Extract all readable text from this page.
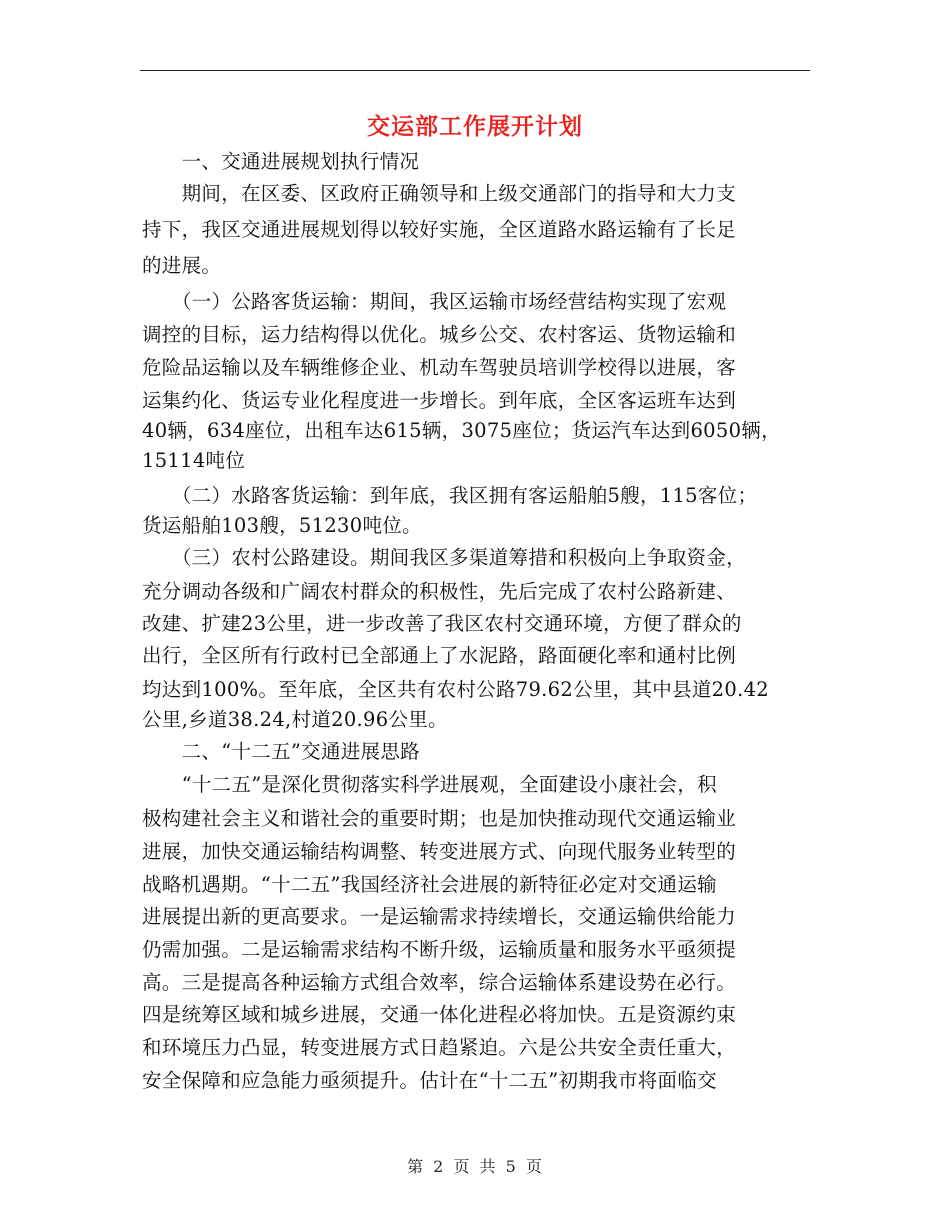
交运部工作展开计划
　　一、交通进展规划执行情况
　　期间，在区委、区政府正确领导和上级交通部门的指导和大力支
持下，我区交通进展规划得以较好实施，全区道路水路运输有了长足
的进展。
　　（一）公路客货运输：期间，我区运输市场经营结构实现了宏观
调控的目标，运力结构得以优化。城乡公交、农村客运、货物运输和
危险品运输以及车辆维修企业、机动车驾驶员培训学校得以进展，客
运集约化、货运专业化程度进一步增长。到年底，全区客运班车达到
40辆，634座位，出租车达615辆，3075座位；货运汽车达到6050辆，
15114吨位
　　（二）水路客货运输：到年底，我区拥有客运船舶5艘，115客位；
货运船舶103艘，51230吨位。
　　（三）农村公路建设。期间我区多渠道筹措和积极向上争取资金，
充分调动各级和广阔农村群众的积极性，先后完成了农村公路新建、
改建、扩建23公里，进一步改善了我区农村交通环境，方便了群众的
出行，全区所有行政村已全部通上了水泥路，路面硬化率和通村比例
均达到100%。至年底，全区共有农村公路79.62公里，其中县道20.42
公里,乡道38.24,村道20.96公里。
　　二、“十二五”交通进展思路
　　“十二五”是深化贯彻落实科学进展观，全面建设小康社会，积
极构建社会主义和谐社会的重要时期；也是加快推动现代交通运输业
进展，加快交通运输结构调整、转变进展方式、向现代服务业转型的
战略机遇期。“十二五”我国经济社会进展的新特征必定对交通运输
进展提出新的更高要求。一是运输需求持续增长，交通运输供给能力
仍需加强。二是运输需求结构不断升级，运输质量和服务水平亟须提
高。三是提高各种运输方式组合效率，综合运输体系建设势在必行。
四是统筹区域和城乡进展，交通一体化进程必将加快。五是资源约束
和环境压力凸显，转变进展方式日趋紧迫。六是公共安全责任重大，
安全保障和应急能力亟须提升。估计在“十二五”初期我市将面临交
第 2 页 共 5 页
